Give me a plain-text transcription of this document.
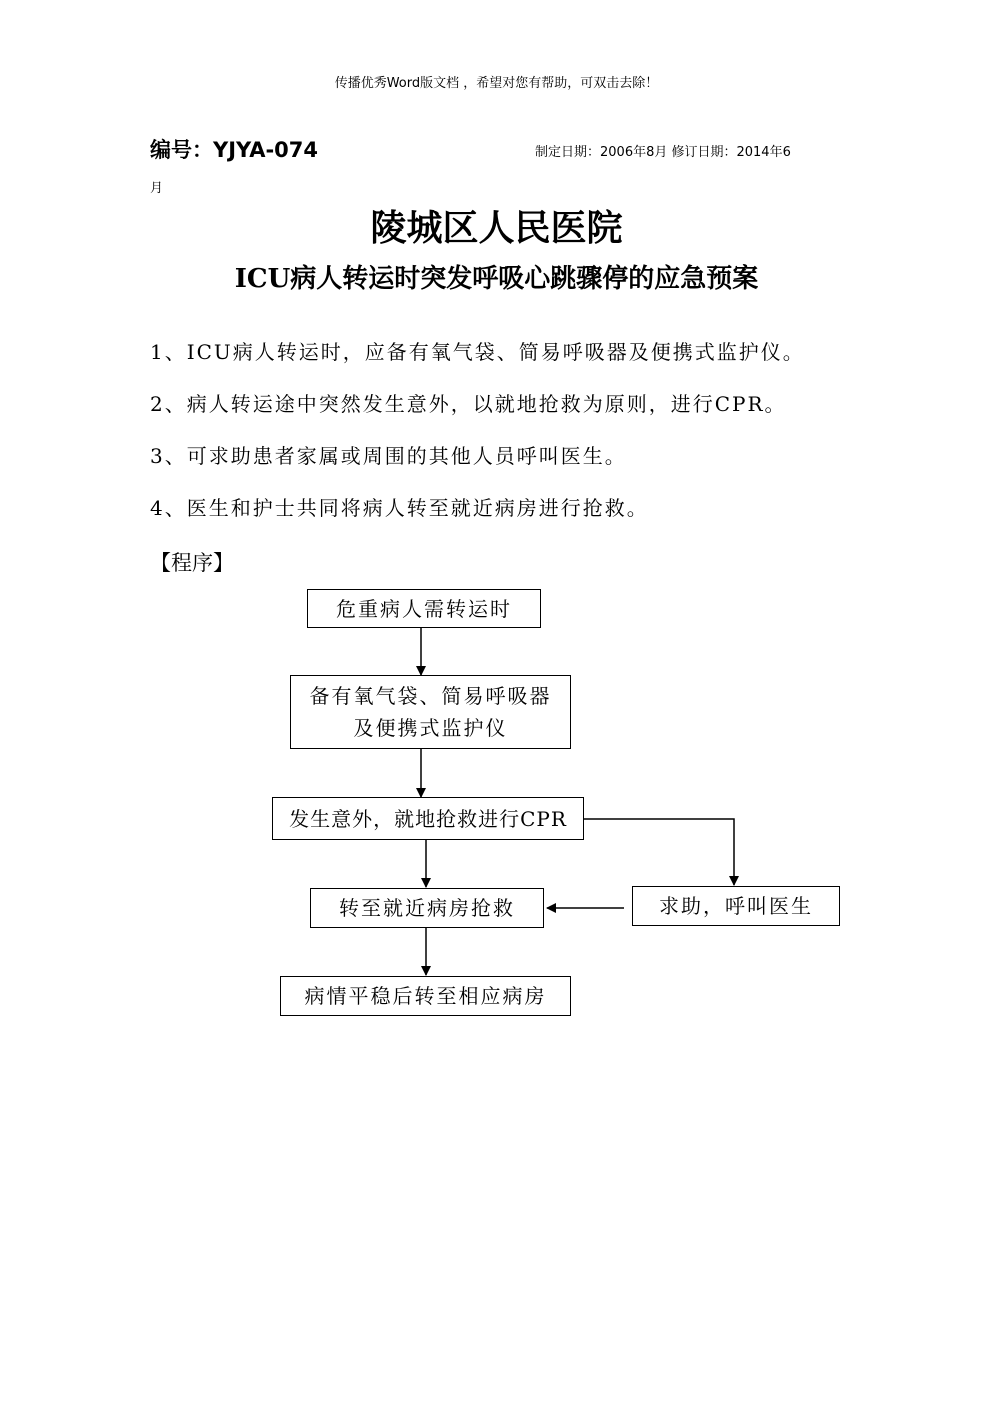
传播优秀Word版文档 ，希望对您有帮助，可双击去除！
编号：YJYA-074	制定日期：2006年8月 修订日期：2014年6
月
陵城区人民医院
ICU病人转运时突发呼吸心跳骤停的应急预案
1、ICU病人转运时，应备有氧气袋、简易呼吸器及便携式监护仪。
2、病人转运途中突然发生意外，以就地抢救为原则，进行CPR。
3、可求助患者家属或周围的其他人员呼叫医生。
4、医生和护士共同将病人转至就近病房进行抢救。
【程序】
危重病人需转运时
备有氧气袋、简易呼吸器
及便携式监护仪
发生意外，就地抢救进行CPR
转至就近病房抢救	求助，呼叫医生
病情平稳后转至相应病房
